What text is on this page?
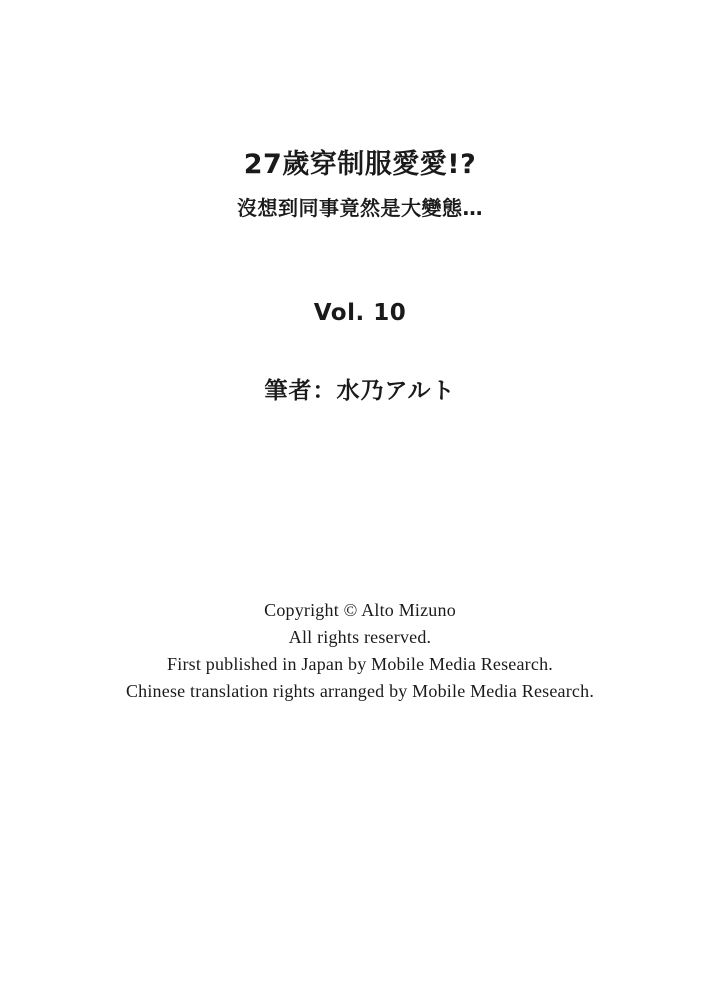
27歲穿制服愛愛!?
沒想到同事竟然是大變態…
Vol. 10
筆者：水乃アルト

Copyright © Alto Mizuno

All rights reserved.

First published in Japan by Mobile Media Research.

Chinese translation rights arranged by Mobile Media Research.
